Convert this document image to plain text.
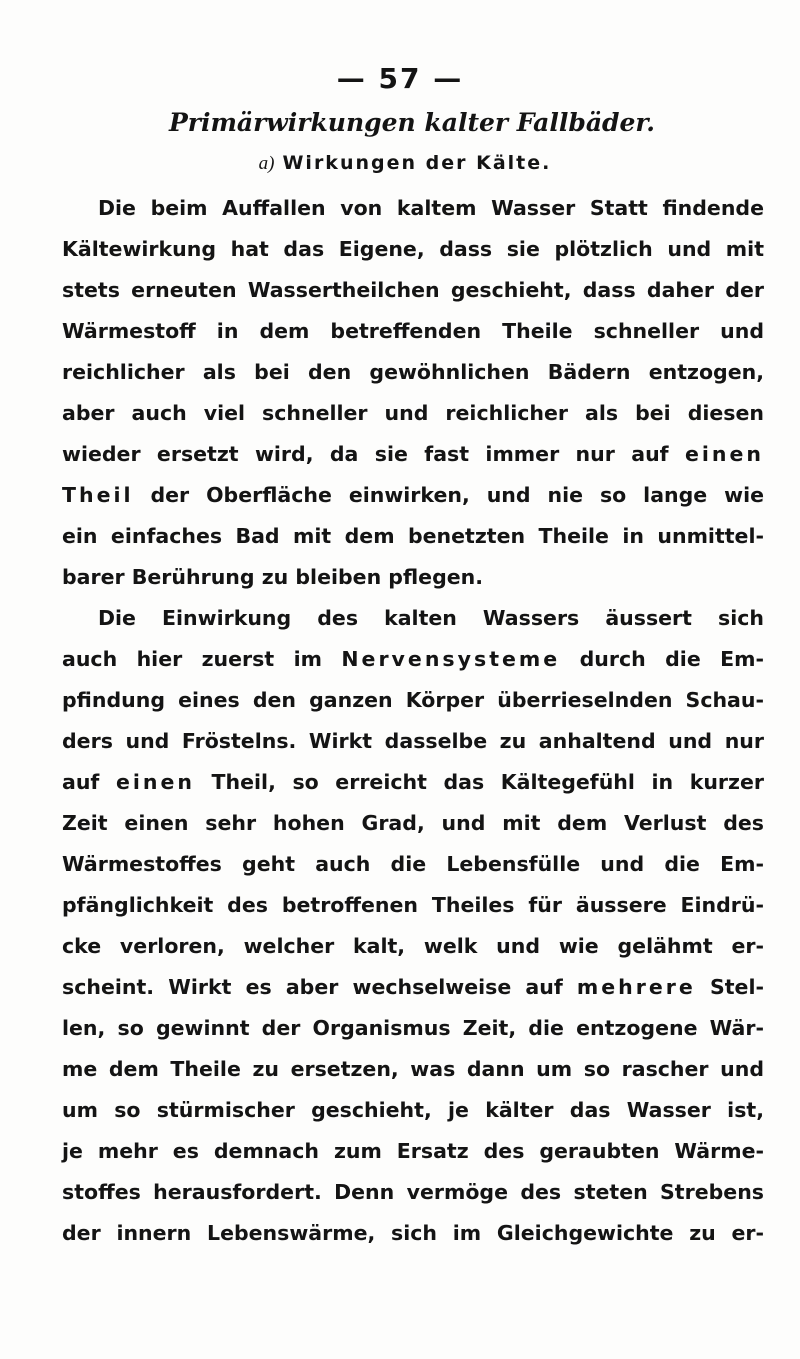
— 57 —
Primärwirkungen kalter Fallbäder.
a) Wirkungen der Kälte.
Die beim Auffallen von kaltem Wasser Statt findende
Kältewirkung hat das Eigene, dass sie plötzlich und mit
stets erneuten Wassertheilchen geschieht, dass daher der
Wärmestoff in dem betreffenden Theile schneller und
reichlicher als bei den gewöhnlichen Bädern entzogen,
aber auch viel schneller und reichlicher als bei diesen
wieder ersetzt wird, da sie fast immer nur auf einen
Theil der Oberfläche einwirken, und nie so lange wie
ein einfaches Bad mit dem benetzten Theile in unmittel-
barer Berührung zu bleiben pflegen.
Die Einwirkung des kalten Wassers äussert sich
auch hier zuerst im Nervensysteme durch die Em-
pfindung eines den ganzen Körper überrieselnden Schau-
ders und Fröstelns. Wirkt dasselbe zu anhaltend und nur
auf einen Theil, so erreicht das Kältegefühl in kurzer
Zeit einen sehr hohen Grad, und mit dem Verlust des
Wärmestoffes geht auch die Lebensfülle und die Em-
pfänglichkeit des betroffenen Theiles für äussere Eindrü-
cke verloren, welcher kalt, welk und wie gelähmt er-
scheint. Wirkt es aber wechselweise auf mehrere Stel-
len, so gewinnt der Organismus Zeit, die entzogene Wär-
me dem Theile zu ersetzen, was dann um so rascher und
um so stürmischer geschieht, je kälter das Wasser ist,
je mehr es demnach zum Ersatz des geraubten Wärme-
stoffes herausfordert. Denn vermöge des steten Strebens
der innern Lebenswärme, sich im Gleichgewichte zu er-
